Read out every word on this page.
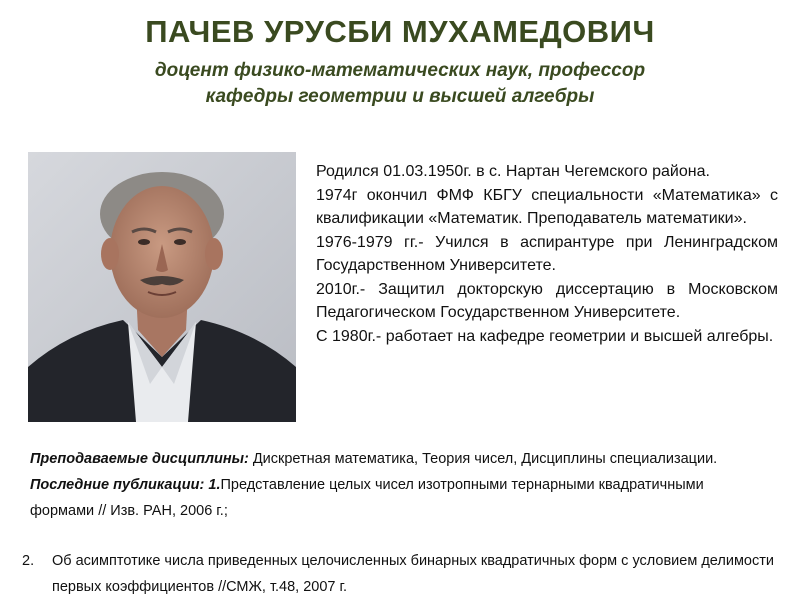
ПАЧЕВ УРУСБИ МУХАМЕДОВИЧ
доцент физико-математических наук, профессор
кафедры геометрии и высшей алгебры

Родился 01.03.1950г. в с. Нартан Чегемского района.

1974г окончил ФМФ КБГУ специальности «Математика» с квалификации «Математик. Преподаватель математики».

1976-1979 гг.- Учился в аспирантуре при Ленинградском Государственном Университете.

2010г.- Защитил докторскую диссертацию в Московском Педагогическом Государственном Университете.

С 1980г.- работает на кафедре геометрии и высшей алгебры.

Преподаваемые дисциплины: Дискретная математика, Теория чисел, Дисциплины специализации.

Последние публикации: 1.Представление целых чисел изотропными тернарными квадратичными формами // Изв. РАН, 2006 г.;

2. Об асимптотике числа приведенных целочисленных бинарных квадратичных форм с условием делимости первых коэффициентов //СМЖ, т.48, 2007 г.
